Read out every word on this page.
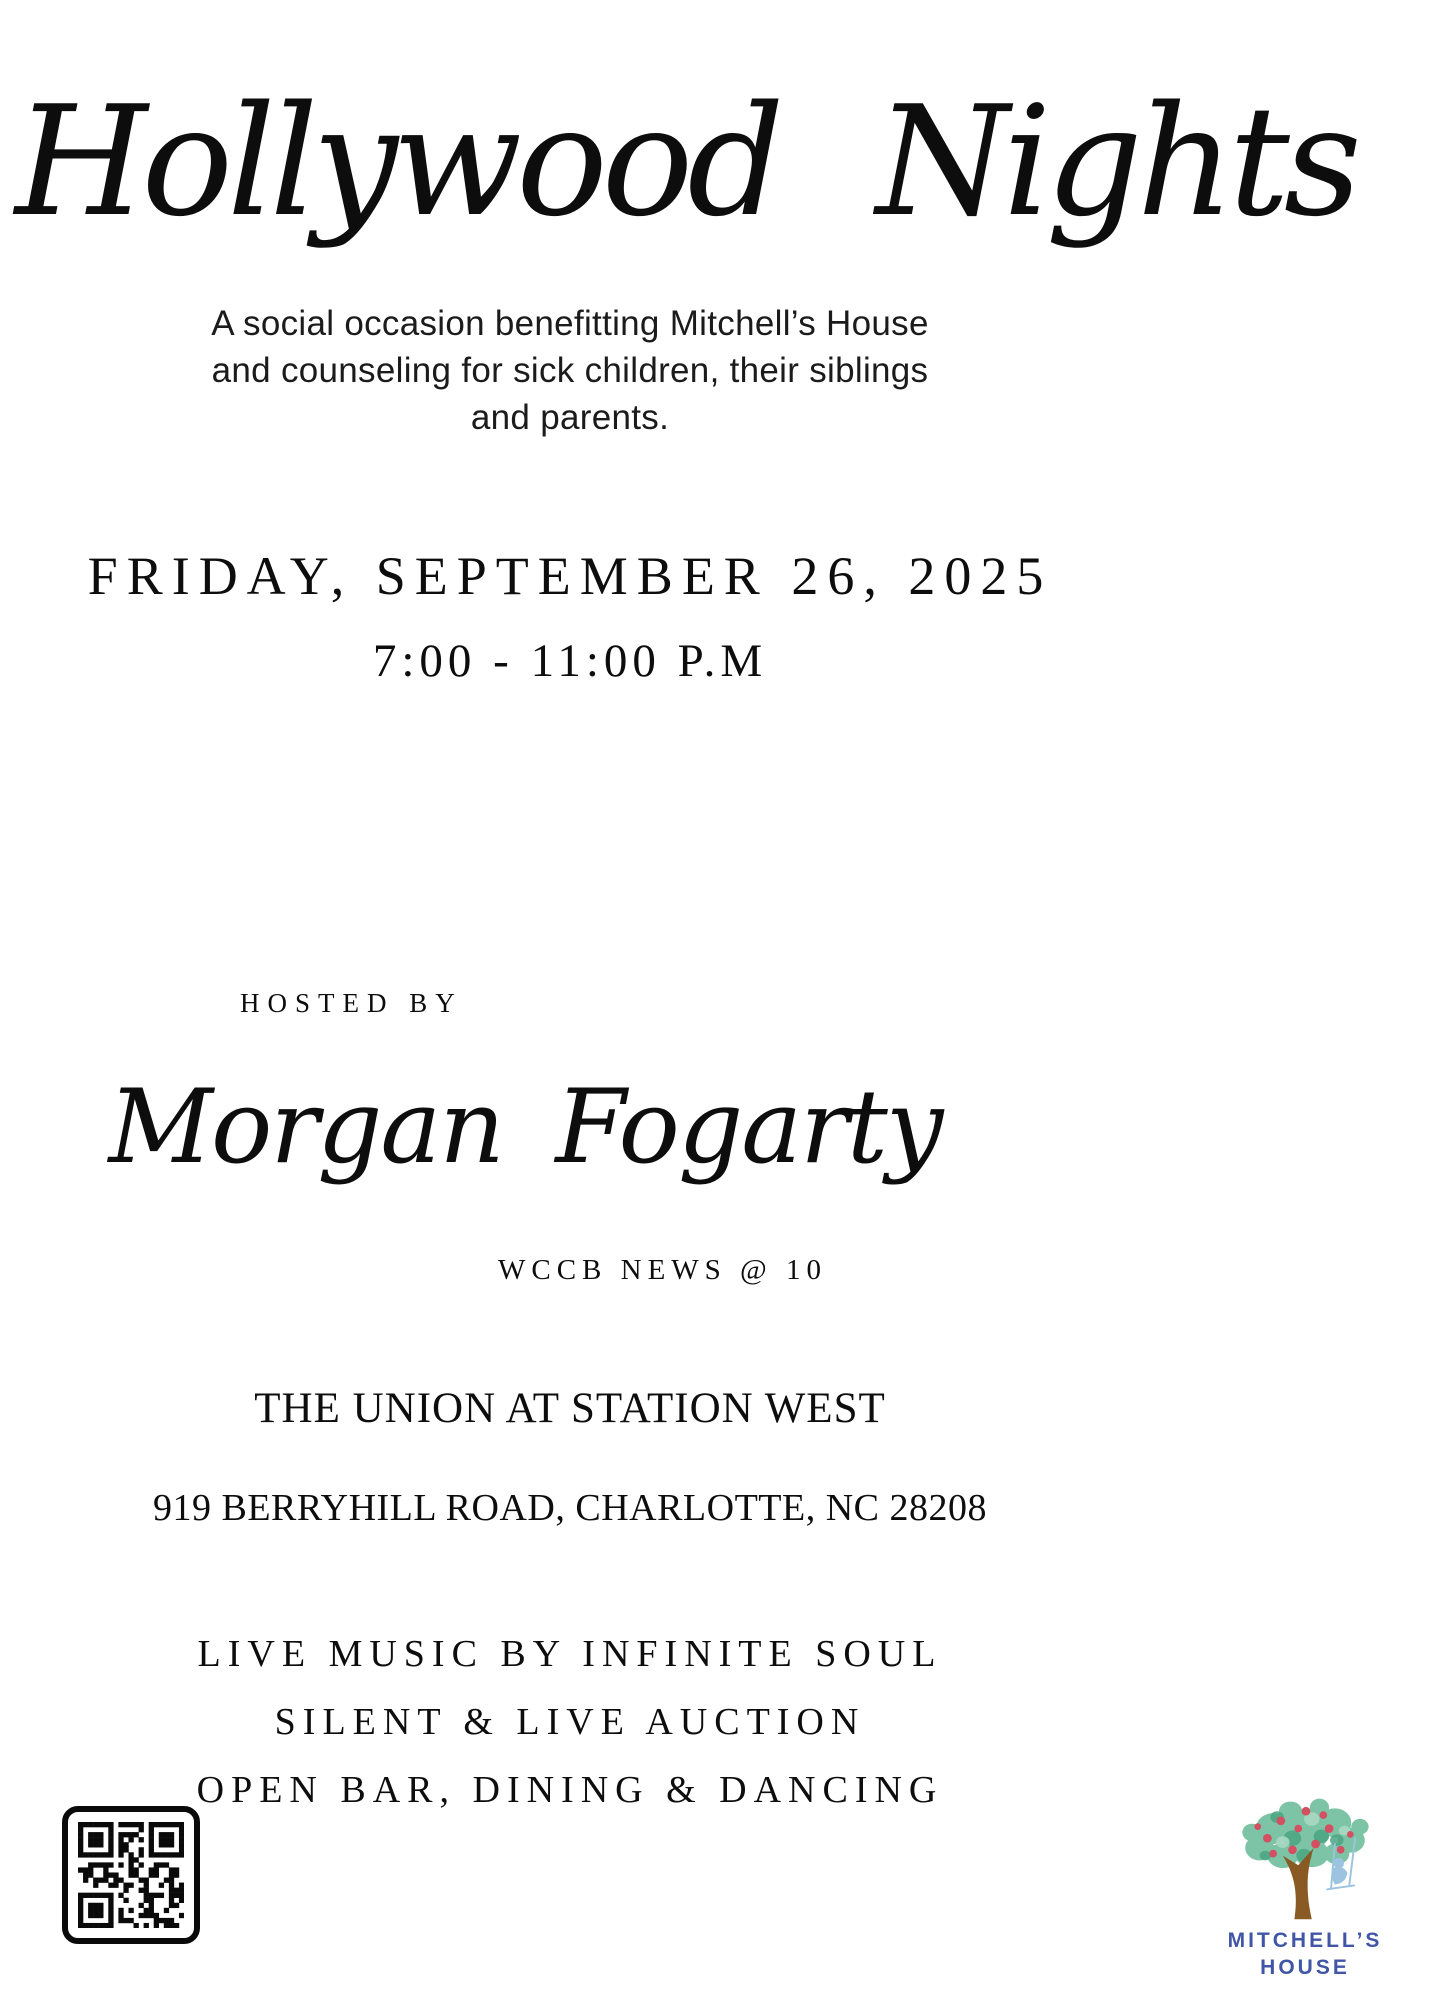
Hollywood Nights
A social occasion benefitting Mitchell’s House
and counseling for sick children, their siblings
and parents.
FRIDAY, SEPTEMBER 26, 2025
7:00 - 11:00 P.M
HOSTED BY
Morgan Fogarty
WCCB NEWS @ 10
THE UNION AT STATION WEST
919 BERRYHILL ROAD, CHARLOTTE, NC 28208
LIVE MUSIC BY INFINITE SOUL
SILENT & LIVE AUCTION
OPEN BAR, DINING & DANCING
MITCHELL’S
HOUSE
